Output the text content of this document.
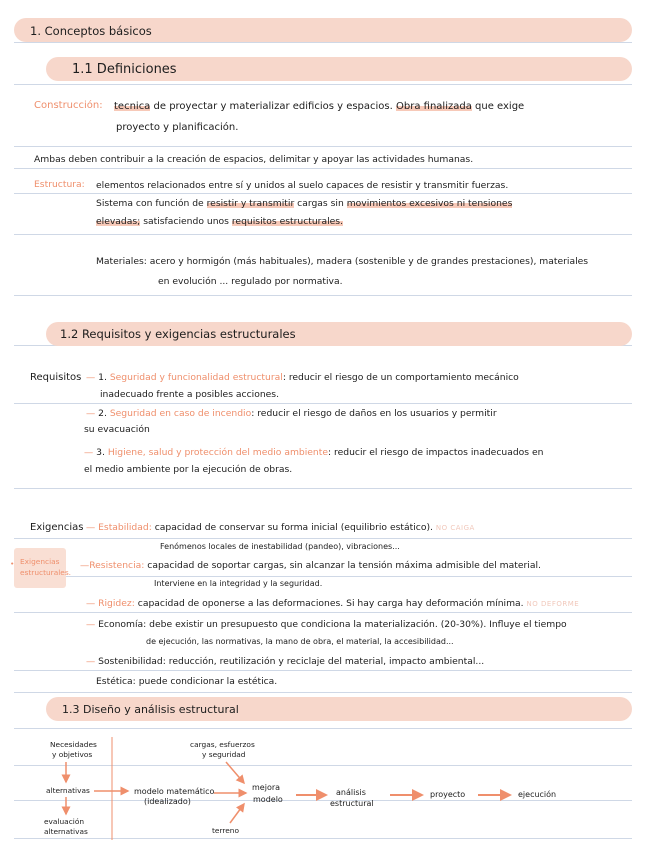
1. Conceptos básicos
1.1 Definiciones
Construcción: tecnica de proyectar y materializar edificios y espacios. Obra finalizada que exige
proyecto y planificación.
Ambas deben contribuir a la creación de espacios, delimitar y apoyar las actividades humanas.
Estructura: elementos relacionados entre sí y unidos al suelo capaces de resistir y transmitir fuerzas.
Sistema con función de resistir y transmitir cargas sin movimientos excesivos ni tensiones
elevadas; satisfaciendo unos requisitos estructurales.
Materiales: acero y hormigón (más habituales), madera (sostenible y de grandes prestaciones), materiales
en evolución ... regulado por normativa.
1.2 Requisitos y exigencias estructurales
Requisitos — 1. Seguridad y funcionalidad estructural: reducir el riesgo de un comportamiento mecánico
inadecuado frente a posibles acciones.
— 2. Seguridad en caso de incendio: reducir el riesgo de daños en los usuarios y permitir
su evacuación
— 3. Higiene, salud y protección del medio ambiente: reducir el riesgo de impactos inadecuados en
el medio ambiente por la ejecución de obras.
Exigencias — Estabilidad: capacidad de conservar su forma inicial (equilibrio estático). NO CAIGA
Fenómenos locales de inestabilidad (pandeo), vibraciones...
Exigencias
estructurales.
•	—Resistencia: capacidad de soportar cargas, sin alcanzar la tensión máxima admisible del material.
Interviene en la integridad y la seguridad.
— Rigidez: capacidad de oponerse a las deformaciones. Si hay carga hay deformación mínima. NO DEFORME
— Economía: debe existir un presupuesto que condiciona la materialización. (20-30%). Influye el tiempo
de ejecución, las normativas, la mano de obra, el material, la accesibilidad...
— Sostenibilidad: reducción, reutilización y reciclaje del material, impacto ambiental...
Estética: puede condicionar la estética.
1.3 Diseño y análisis estructural
Necesidades
y objetivos
alternativas
evaluación
alternativas
cargas, esfuerzos
y seguridad
modelo matemático
(idealizado)
mejora
modelo
terreno
análisis
estructural
proyecto	ejecución
